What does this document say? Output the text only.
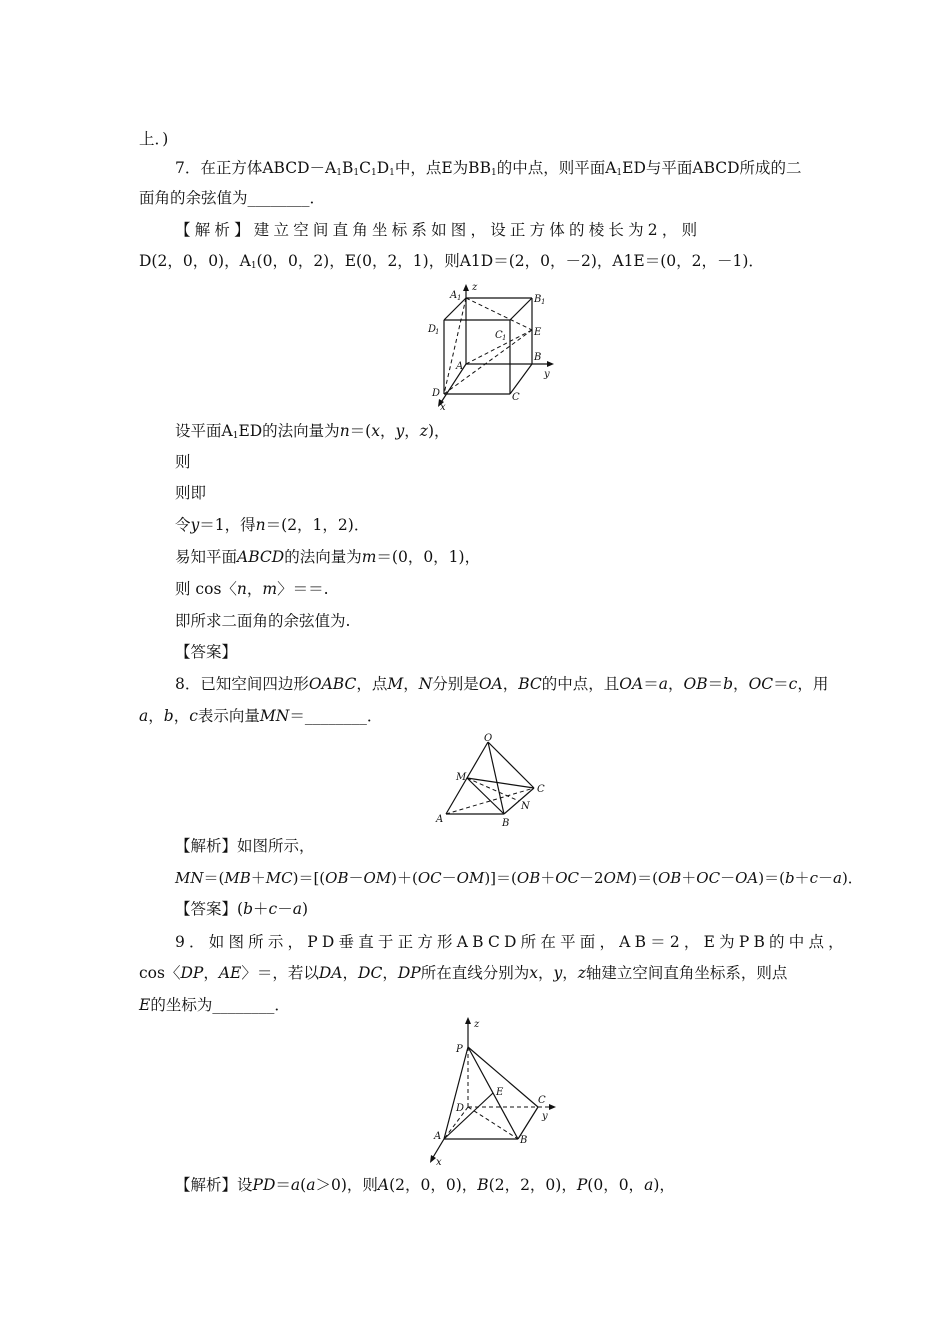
上．)
7．在正方体$ABCD-A_1B_1C_1D_1$中，点E为$BB_1$的中点，则平面$A_1ED$与平面ABCD所成的二
面角的余弦值为________．
【解析】建立空间直角坐标系如图，设正方体的棱长为2，则
D(2，0，0)，$A_1(0$，0，2)，E(0，2，1)，则A1D＝(2，0，－2)，A1E＝(0，2，－1)．
A 1
z
B 1
D
1	E
C 1
A
B
y
D	C
x
设平面$A_1ED$的法向量为n＝(x，y，z)，
则
则即
令y＝1，得n＝(2，1，2)．
易知平面ABCD的法向量为m＝(0，0，1)，
则 cos〈n，m〉＝＝.
即所求二面角的余弦值为.
【答案】
8．已知空间四边形OABC，点M，N分别是OA，BC的中点，且OA＝a，OB＝b，OC＝c，用
a，b，c表示向量MN＝________．
O
M
C
N
A	B
【解析】如图所示，
MN＝(MB＋MC)＝[(OB－OM)＋(OC－OM)]＝(OB＋OC－2OM)＝(OB＋OC－OA)＝(b＋c－a)．
【答案】(b＋c－a)
9．如图所示，PD垂直于正方形ABCD所在平面，AB＝2，E为PB的中点，
cos〈DP，AE〉＝，若以DA，DC，DP所在直线分别为x，y，z轴建立空间直角坐标系，则点
E的坐标为________．
z
P
D
E
C
y
A	B
x
【解析】设PD＝a(a＞0)，则A(2，0，0)，B(2，2，0)，P(0，0，a)，
